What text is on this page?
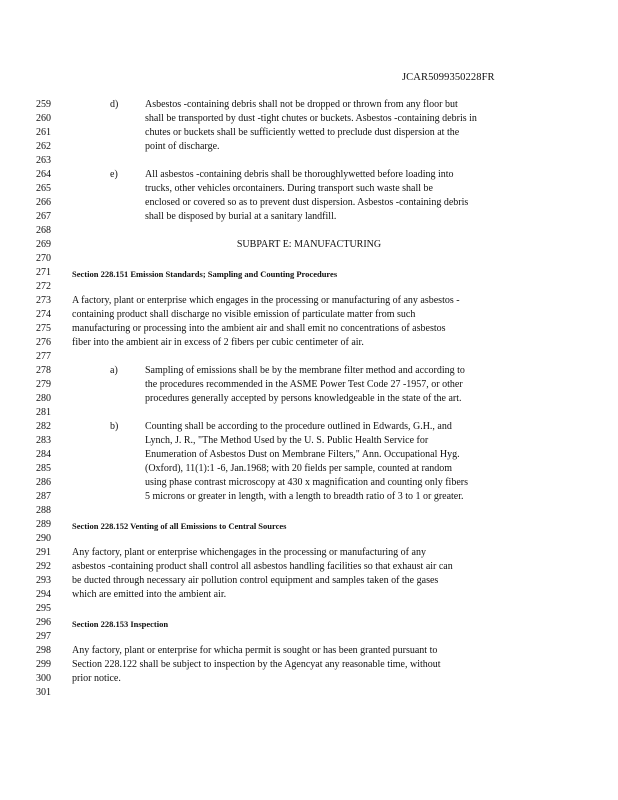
JCAR5099350228FR
259
260
261
262
263
264
265
266
267
268
269
270
271
272
273
274
275
276
277
278
279
280
281
282
283
284
285
286
287
288
289
290
291
292
293
294
295
296
297
298
299
300
301
d)	Asbestos -containing debris shall not be dropped or thrown from any floor but
shall be transported by dust -tight chutes or buckets. Asbestos -containing debris in
chutes or buckets shall be sufficiently wetted to preclude dust dispersion at the
point of discharge.
e)	All asbestos -containing debris shall be thoroughlywetted before loading into
trucks, other vehicles orcontainers. During transport such waste shall be
enclosed or covered so as to prevent dust dispersion. Asbestos -containing debris
shall be disposed by burial at a sanitary landfill.
SUBPART E: MANUFACTURING
Section 228.151 Emission Standards; Sampling and Counting Procedures
A factory, plant or enterprise which engages in the processing or manufacturing of any asbestos -
containing product shall discharge no visible emission of particulate matter from such
manufacturing or processing into the ambient air and shall emit no concentrations of asbestos
fiber into the ambient air in excess of 2 fibers per cubic centimeter of air.
a)	Sampling of emissions shall be by the membrane filter method and according to
the procedures recommended in the ASME Power Test Code 27 -1957, or other
procedures generally accepted by persons knowledgeable in the state of the art.
b)	Counting shall be according to the procedure outlined in Edwards, G.H., and
Lynch, J. R., "The Method Used by the U. S. Public Health Service for
Enumeration of Asbestos Dust on Membrane Filters," Ann. Occupational Hyg.
(Oxford), 11(1):1 -6, Jan.1968; with 20 fields per sample, counted at random
using phase contrast microscopy at 430 x magnification and counting only fibers
5 microns or greater in length, with a length to breadth ratio of 3 to 1 or greater.
Section 228.152 Venting of all Emissions to Central Sources
Any factory, plant or enterprise whichengages in the processing or manufacturing of any
asbestos -containing product shall control all asbestos handling facilities so that exhaust air can
be ducted through necessary air pollution control equipment and samples taken of the gases
which are emitted into the ambient air.
Section 228.153 Inspection
Any factory, plant or enterprise for whicha permit is sought or has been granted pursuant to
Section 228.122 shall be subject to inspection by the Agencyat any reasonable time, without
prior notice.
